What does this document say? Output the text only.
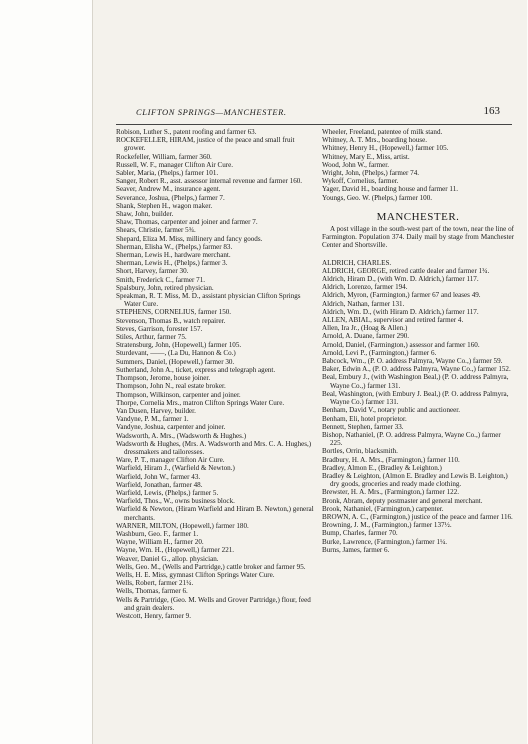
CLIFTON SPRINGS—MANCHESTER.	163
Robison, Luther S., patent roofing and farmer 63.
ROCKEFELLER, HIRAM, justice of the peace and small fruit grower.
Rockefeller, William, farmer 360.
Russell, W. F., manager Clifton Air Cure.
Sabler, Maria, (Phelps,) farmer 101.
Sanger, Robert R., asst. assessor internal revenue and farmer 160.
Seaver, Andrew M., insurance agent.
Severance, Joshua, (Phelps,) farmer 7.
Shank, Stephen H., wagon maker.
Shaw, John, builder.
Shaw, Thomas, carpenter and joiner and farmer 7.
Shears, Christie, farmer 5¾.
Shepard, Eliza M. Miss, millinery and fancy goods.
Sherman, Elisha W., (Phelps,) farmer 83.
Sherman, Lewis H., hardware merchant.
Sherman, Lewis H., (Phelps,) farmer 3.
Short, Harvey, farmer 30.
Smith, Frederick C., farmer 71.
Spalsbury, John, retired physician.
Speakman, R. T. Miss, M. D., assistant physician Clifton Springs Water Cure.
STEPHENS, CORNELIUS, farmer 150.
Stevenson, Thomas B., watch repairer.
Steves, Garrison, forester 157.
Stiles, Arthur, farmer 75.
Stratensburg, John, (Hopewell,) farmer 105.
Sturdevant, ——, (La Du, Hannon & Co.)
Summers, Daniel, (Hopewell,) farmer 30.
Sutherland, John A., ticket, express and telegraph agent.
Thompson, Jerome, house joiner.
Thompson, John N., real estate broker.
Thompson, Wilkinson, carpenter and joiner.
Thorpe, Cornelia Mrs., matron Clifton Springs Water Cure.
Van Dusen, Harvey, builder.
Vandyne, P. M., farmer 1.
Vandyne, Joshua, carpenter and joiner.
Wadsworth, A. Mrs., (Wadsworth & Hughes.)
Wadsworth & Hughes, (Mrs. A. Wadsworth and Mrs. C. A. Hughes,) dressmakers and tailoresses.
Ware, P. T., manager Clifton Air Cure.
Warfield, Hiram J., (Warfield & Newton.)
Warfield, John W., farmer 43.
Warfield, Jonathan, farmer 48.
Warfield, Lewis, (Phelps,) farmer 5.
Warfield, Thos., W., owns business block.
Warfield & Newton, (Hiram Warfield and Hiram B. Newton,) general merchants.
WARNER, MILTON, (Hopewell,) farmer 180.
Washburn, Geo. F., farmer 1.
Wayne, William H., farmer 20.
Wayne, Wm. H., (Hopewell,) farmer 221.
Weaver, Daniel G., allop. physician.
Wells, Geo. M., (Wells and Partridge,) cattle broker and farmer 95.
Wells, H. E. Miss, gymnast Clifton Springs Water Cure.
Wells, Robert, farmer 21¼.
Wells, Thomas, farmer 6.
Wells & Partridge, (Geo. M. Wells and Grover Partridge,) flour, feed and grain dealers.
Westcott, Henry, farmer 9.
Wheeler, Freeland, patentee of milk stand.
Whitney, A. T. Mrs., boarding house.
Whitney, Henry H., (Hopewell,) farmer 105.
Whitney, Mary E., Miss, artist.
Wood, John W., farmer.
Wright, John, (Phelps,) farmer 74.
Wykoff, Cornelius, farmer.
Yager, David H., boarding house and farmer 11.
Youngs, Geo. W. (Phelps,) farmer 100.
MANCHESTER.
A post village in the south-west part of the town, near the line of Farmington. Population 374. Daily mail by stage from Manchester Center and Shortsville.
ALDRICH, CHARLES.
ALDRICH, GEORGE, retired cattle dealer and farmer 1¾.
Aldrich, Hiram D., (with Wm. D. Aldrich,) farmer 117.
Aldrich, Lorenzo, farmer 194.
Aldrich, Myron, (Farmington,) farmer 67 and leases 49.
Aldrich, Nathan, farmer 131.
Aldrich, Wm. D., (with Hiram D. Aldrich,) farmer 117.
ALLEN, ABIAL, supervisor and retired farmer 4.
Allen, Ira Jr., (Hoag & Allen.)
Arnold, A. Duane, farmer 290.
Arnold, Daniel, (Farmington,) assessor and farmer 160.
Arnold, Levi P., (Farmington,) farmer 6.
Babcock, Wm., (P. O. address Palmyra, Wayne Co.,) farmer 59.
Baker, Edwin A., (P. O. address Palmyra, Wayne Co.,) farmer 152.
Beal, Embury J., (with Washington Beal,) (P. O. address Palmyra, Wayne Co.,) farmer 131.
Beal, Washington, (with Embury J. Beal,) (P. O. address Palmyra, Wayne Co.) farmer 131.
Benham, David V., notary public and auctioneer.
Benham, Eli, hotel proprietor.
Bennett, Stephen, farmer 33.
Bishop, Nathaniel, (P. O. address Palmyra, Wayne Co.,) farmer 225.
Bortles, Orrin, blacksmith.
Bradbury, H. A. Mrs., (Farmington,) farmer 110.
Bradley, Almon E., (Bradley & Leighton.)
Bradley & Leighton, (Almon E. Bradley and Lewis B. Leighton,) dry goods, groceries and ready made clothing.
Brewster, H. A. Mrs., (Farmington,) farmer 122.
Bronk, Abram, deputy postmaster and general merchant.
Brook, Nathaniel, (Farmington,) carpenter.
BROWN, A. C., (Farmington,) justice of the peace and farmer 116.
Browning, J. M., (Farmington,) farmer 137½.
Bump, Charles, farmer 70.
Burke, Lawrence, (Farmington,) farmer 1¼.
Burns, James, farmer 6.
